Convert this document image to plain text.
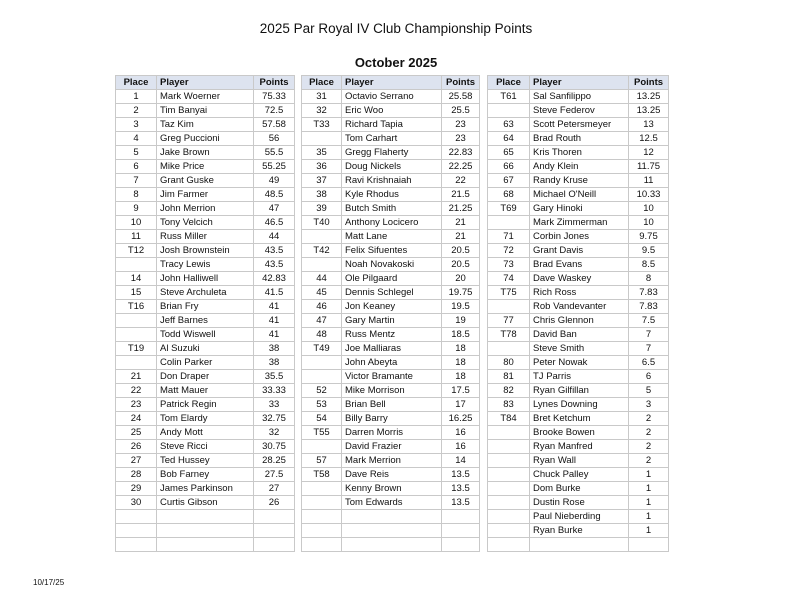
2025 Par Royal IV Club Championship Points
October 2025
Place	Player	Points
1	Mark Woerner	75.33
2	Tim Banyai	72.5
3	Taz Kim	57.58
4	Greg Puccioni	56
5	Jake Brown	55.5
6	Mike Price	55.25
7	Grant Guske	49
8	Jim Farmer	48.5
9	John Merrion	47
10	Tony Velcich	46.5
11	Russ Miller	44
T12	Josh Brownstein	43.5
	Tracy Lewis	43.5
14	John Halliwell	42.83
15	Steve Archuleta	41.5
T16	Brian Fry	41
	Jeff Barnes	41
	Todd Wiswell	41
T19	Al Suzuki	38
	Colin Parker	38
21	Don Draper	35.5
22	Matt Mauer	33.33
23	Patrick Regin	33
24	Tom Elardy	32.75
25	Andy Mott	32
26	Steve Ricci	30.75
27	Ted Hussey	28.25
28	Bob Farney	27.5
29	James Parkinson	27
30	Curtis Gibson	26

Place	Player	Points
31	Octavio Serrano	25.58
32	Eric Woo	25.5
T33	Richard Tapia	23
	Tom Carhart	23
35	Gregg Flaherty	22.83
36	Doug Nickels	22.25
37	Ravi Krishnaiah	22
38	Kyle Rhodus	21.5
39	Butch Smith	21.25
T40	Anthony Locicero	21
	Matt Lane	21
T42	Felix Sifuentes	20.5
	Noah Novakoski	20.5
44	Ole Pilgaard	20
45	Dennis Schlegel	19.75
46	Jon Keaney	19.5
47	Gary Martin	19
48	Russ Mentz	18.5
T49	Joe Malliaras	18
	John Abeyta	18
	Victor Bramante	18
52	Mike Morrison	17.5
53	Brian Bell	17
54	Billy Barry	16.25
T55	Darren Morris	16
	David Frazier	16
57	Mark Merrion	14
T58	Dave Reis	13.5
	Kenny Brown	13.5
	Tom Edwards	13.5

Place	Player	Points
T61	Sal Sanfilippo	13.25
	Steve Federov	13.25
63	Scott Petersmeyer	13
64	Brad Routh	12.5
65	Kris Thoren	12
66	Andy Klein	11.75
67	Randy Kruse	11
68	Michael O'Neill	10.33
T69	Gary Hinoki	10
	Mark Zimmerman	10
71	Corbin Jones	9.75
72	Grant Davis	9.5
73	Brad Evans	8.5
74	Dave Waskey	8
T75	Rich Ross	7.83
	Rob Vandevanter	7.83
77	Chris Glennon	7.5
T78	David Ban	7
	Steve Smith	7
80	Peter Nowak	6.5
81	TJ Parris	6
82	Ryan Gilfillan	5
83	Lynes Downing	3
T84	Bret Ketchum	2
	Brooke Bowen	2
	Ryan Manfred	2
	Ryan Wall	2
	Chuck Palley	1
	Dom Burke	1
	Dustin Rose	1
	Paul Nieberding	1
	Ryan Burke	1

10/17/25
